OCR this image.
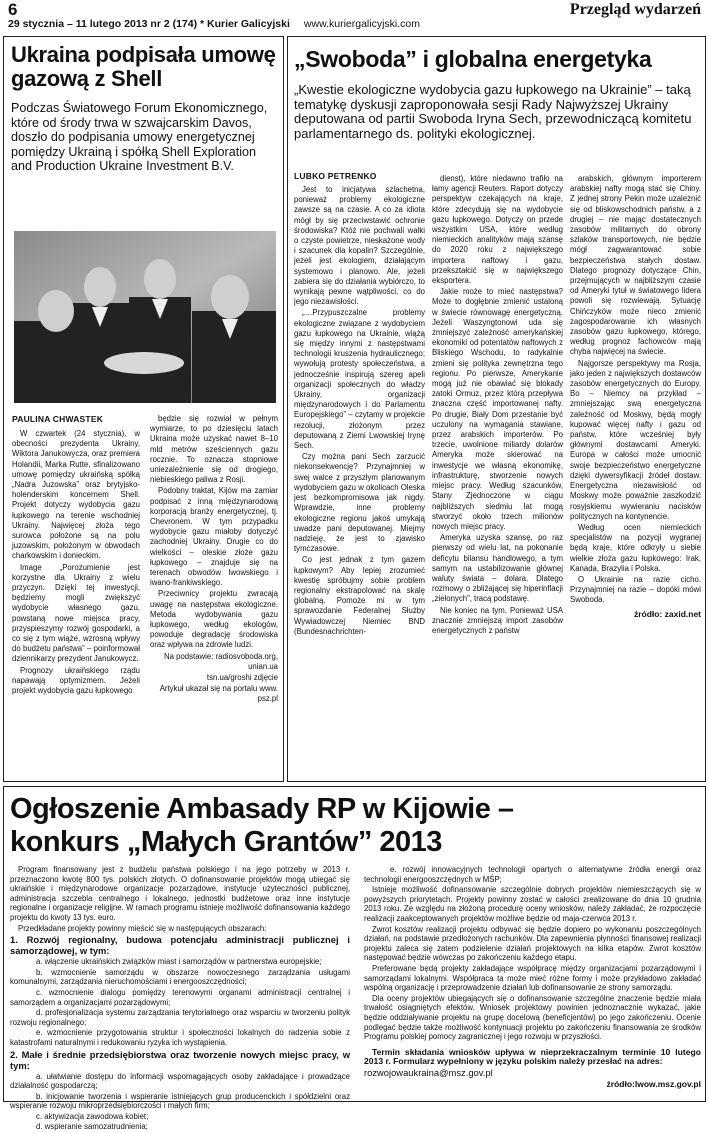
6
29 stycznia – 11 lutego 2013 nr 2 (174) * Kurier Galicyjski www.kuriergalicyjski.com
Przegląd wydarzeń
Ukraina podpisała umowę gazową z Shell
Podczas Światowego Forum Ekonomicznego, które od środy trwa w szwajcarskim Davos, doszło do podpisania umowy energetycznej pomiędzy Ukrainą i spółką Shell Exploration and Production Ukraine Investment B.V.
PAULINA CHWASTEK

W czwartek (24 stycznia), w obecności prezydenta Ukrainy, Wiktora Janukowycza, oraz premiera Holandii, Marka Rutte, sfinalizowano umowę pomiędzy ukraińską spółką „Nadra Juzowska” oraz brytyjsko-holenderskim koncernem Shell. Projekt dotyczy wydobycia gazu łupkowego na terenie wschodniej Ukrainy. Najwięcej złoża tego surowca położone są na polu juzowskim, położonym w obwodach charkowskim i donieckim.

Image „Porozumienie jest korzystne dla Ukrainy z wielu przyczyn. Dzięki tej inwestycji, będziemy mogli zwiększyć wydobycie własnego gazu, powstaną nowe miejsca pracy, przyspieszymy rozwój gospodarki, a co się z tym wiąże, wzrosną wpływy do budżetu państwa” – poinformował dziennikarzy prezydent Janukowycz.

Prognozy ukraińskiego rządu napawają optymizmem. Jeżeli projekt wydobycia gazu łupkowego

będzie się rozwiał w pełnym wymiarze, to po dziesięciu latach Ukraina może uzyskać nawet 8–10 mld metrów sześciennych gazu rocznie. To oznacza stopniowe uniezależnienie się od drogiego, niebieskiego paliwa z Rosji.

Podobny traktat, Kijów ma zamiar podpisać z inną międzynarodową korporacją branży energetycznej, tj. Chevronem. W tym przypadku wydobycie gazu miałoby dotyczyć zachodniej Ukrainy. Drugie co do wielkości – oleskie złoże gazu łupkowego – znajduje się na terenach obwodów lwowskiego i iwano-frankiwskiego.

Przeciwnicy projektu zwracają uwagę na następstwa ekologiczne. Metoda wydobywania gazu łupkowego, według ekologów, powoduje degradację środowiska oraz wpływa na zdrowie ludzi.

Na podstawie: radiosvoboda.org, unian.ua

tsn.ua/groshi zdjęcie

Artykuł ukazał się na portalu www. psz.pl

„Swoboda” i globalna energetyka
„Kwestie ekologiczne wydobycia gazu łupkowego na Ukrainie” – taką tematykę dyskusji zaproponowała sesji Rady Najwyższej Ukrainy deputowana od partii Swoboda Iryna Sech, przewodniczącą komitetu parlamentarnego ds. polityki ekologicznej.
LUBKO PETRENKO

Jest to inicjatywa szlachetna, ponieważ problemy ekologiczne zawsze są na czasie. A co za idiota mógł by się przeciwstawić ochronie środowiska? Któż nie pochwali walki o czyste powietrze, nieskażone wody i szacunek dla kopalin? Szczególnie, jeżeli jest ekologiem, działającym systemowo i planowo. Ale, jeżeli zabiera się do działania wybiórczo, to wynikają pewne wątpliwości, co do jego niezawisłości.

„…Przypuszczalne problemy ekologiczne związane z wydobyciem gazu łupkowego na Ukrainie, wiążą się między innymi z następstwami technologii kruszenia hydraulicznego; wywołują protesty społeczeństwa, a jednocześnie inspirują szereg apeli organizacji społecznych do władzy Ukrainy, organizacji międzynarodowych i do Parlamentu Europejskiego” – czytamy w projekcie rezolucji, złożonym przez deputowaną z Ziemi Lwowskiej Irynę Sech.

Czy można pani Sech zarzucić niekonsekwencję? Przynajmniej w swej walce z przyszłym planowanym wydobyciem gazu w okolicach Oleska jest bezkompromisowa jak nigdy. Wprawdzie, inne problemy ekologiczne regionu jakoś umykają uwadze pani deputowanej. Miejmy nadzieję, że jest to zjawisko tymczasowe.

Co jest jednak z tym gazem łupkowym? Aby lepiej zrozumieć kwestię spróbujmy sobie problem regionalny ekstrapolować na skalę globalną. Pomoże mi w tym sprawozdanie Federalnej Służby Wywiadowczej Niemiec BND (Bundesnachrichten-

dienst), które niedawno trafiło na łamy agencji Reuters. Raport dotyczy perspektyw czekających na kraje, które zdecydują się na wydobycie gazu łupkowego. Dotyczy on przede wszystkim USA, które według niemieckich analityków mają szansę do 2020 roku z największego importera naftowy i gazu, przekształcić się w największego eksportera.

Jakie może to mieć następstwa? Może to dogłębnie zmienić ustaloną w świecie równowagę energetyczną. Jeżeli Waszyngtonowi uda się zmniejszyć zależność amerykańskiej ekonomiki od potentatów naftowych z Bliskiego Wschodu, to radykalnie zmieni się polityka zewnętrzna tego regionu. Po pierwsze, Amerykanie mogą już nie obawiać się blokady zatoki Ormuz, przez którą przepływa znaczna część importowanej nafty. Po drugie, Biały Dom przestanie być uczulony na wymagania stawiane, przez arabskich importerów. Po trzecie, uwolnione miliardy dolarów Ameryka może skierować na inwestycje we własną ekonomikę, infrastrukturę, stworzenie nowych miejsc pracy. Według szacunków, Stany Zjednoczone w ciągu najbliższych siedmiu lat mogą stworzyć około trzech milionów nowych miejsc pracy.

Ameryka uzyska szansę, po raz pierwszy od wielu lat, na pokonanie deficytu bilansu handlowego, a tym samym na ustabilizowanie głównej waluty świata – dolara. Dlatego rozmowy o zbliżającej się hiperinflacji „zielonych”, tracą podstawę.

Nie koniec na tym. Ponieważ USA znacznie zmniejszą import zasobów energetycznych z państw

arabskich, głównym importerem arabskiej nafty mogą stać się Chiny. Z jednej strony Pekin może uzależnić się od bliskowschodnich państw, a z drugiej – nie mając dostatecznych zasobów militarnych do obrony szlaków transportowych, nie będzie mógł zagwarantować sobie bezpieczeństwa stałych dostaw. Dlatego prognozy dotyczące Chin, przejmujących w najbliższym czasie od Ameryki tytuł w światowego lidera powoli się rozwiewają. Sytuację Chińczyków może nieco zmienić zagospodarowanie ich własnych zasobów gazu łupkowego, którego, według prognoz fachowców mają chyba najwięcej na świecie.

Najgorsze perspektywy ma Rosja, jako jeden z największych dostawców zasobów energetycznych do Europy. Bo – Niemcy na przykład – zmniejszając swą energetyczna zależność od Moskwy, będą mogły kupować więcej nafty i gazu od państw, które wcześniej były głównymi dostawcami Ameryki. Europa w całości może umocnić swoje bezpieczeństwo energetyczne dzięki dywersyfikacji źródeł dostaw. Energetyczna niezawisłość od Moskwy może poważnie zaszkodzić rosyjskiemu wywieraniu nacisków politycznych na kontynencie.

Według ocen niemieckich specjalistów na pozycji wygranej będą kraje, które odkryły u siebie wielkie złoża gazu łupkowego: Irak, Kanada, Brazylia i Polska.

O Ukrainie na razie cicho. Przynajmniej na razie – dopóki mówi Swoboda.

źródło: zaxid.net

Ogłoszenie Ambasady RP w Kijowie – konkurs „Małych Grantów” 2013

Program finansowany jest z budżetu państwa polskiego i na jego potrzeby w 2013 r. przeznaczono kwotę 800 tys. polskich złotych. O dofinansowanie projektów mogą ubiegać się ukraińskie i międzynarodowe organizacje pozarządowe, instytucje użyteczności publicznej, administracja szczebla centralnego i lokalnego, jednostki budżetowe oraz inne instytucje regionalne i organizacje religijne. W ramach programu istnieje możliwość dofinansowania każdego projektu do kwoty 13 tys. euro.

Przedkładane projekty powinny mieścić się w następujących obszarach:

1. Rozwój regionalny, budowa potencjału administracji publicznej i samorządowej, w tym:

a. włączenie ukraińskich związków miast i samorządów w partnerstwa europejskie;

b. wzmocnienie samorządu w obszarze nowoczesnego zarządzania usługami komunalnymi, zarządzania nieruchomościami i energooszczędności;

c. wzmocnienie dialogu pomiędzy terenowymi organami administracji centralnej i samorządem a organizacjami pozarządowymi;

d. profesjonalizacja systemu zarządzania terytorialnego oraz wsparciu w tworzeniu polityk rozwoju regionalnego;

e. wzmocnienie przygotowania struktur i społeczności lokalnych do radzenia sobie z katastrofami naturalnymi i redukowaniu ryzyka ich wystąpienia.

2. Małe i średnie przedsiębiorstwa oraz tworzenie nowych miejsc pracy, w tym:

a. ułatwianie dostępu do informacji wspomagających osoby zakładające i prowadzące działalność gospodarczą;

b. inicjowanie tworzenia i wspieranie istniejących grup producenckich i spółdzielni oraz wspieranie rozwoju mikroprzedsiębiorczości i małych firm;

c. aktywizacja zawodowa kobiet;

d. wspieranie samozatrudnienia;

e. rozwój innowacyjnych technologii opartych o alternatywne źródła energii oraz technologii energooszczędnych w MŚP;

Istnieje możliwość dofinansowanie szczególnie dobrych projektów niemieszczących się w powyższych priorytetach. Projekty powinny zostać w całości zrealizowane do dnia 10 grudnia 2013 roku. Ze względu na złożoną procedurę oceny wniosków, należy zakładać, że rozpoczęcie realizacji zaakceptowanych projektów możliwe będzie od maja-czerwca 2013 r.

Zwrot kosztów realizacji projektu odbywać się będzie dopiero po wykonaniu poszczególnych działań, na podstawie przedłożonych rachunków. Dla zapewnienia płynności finansowej realizacji projektu zaleca się zatem podzielenie działań projektowych na kilka etapów. Zwrot kosztów następować będzie wówczas po zakończeniu każdego etapu.

Preferowane będą projekty zakładające współpracę między organizacjami pozarządowymi i samorządami lokalnymi. Współpraca ta może mieć różne formy i może przykładowo zakładać wspólną organizację i przeprowadzenie działań lub dofinansowanie ze strony samorządu.

Dla oceny projektów ubiegających się o dofinansowanie szczególne znaczenie będzie miała trwałość osiągniętych efektów. Wniosek projektowy powinien jednoznacznie wykazać, jakie będzie oddziaływanie projektu na grupę docelową (beneficjentów) po jego zakończeniu. Ocenie podlegać będzie także możliwość kontynuacji projektu po zakończeniu finansowania ze środków Programu polskiej pomocy zagranicznej i jego rozwoju w przyszłości.

Termin składania wniosków upływa w nieprzekraczalnym terminie 10 lutego 2013 r. Formularz wypełniony w języku polskim należy przesłać na adres:

rozwojowaukraina@msz.gov.pl

źródło:lwow.msz.gov.pl
